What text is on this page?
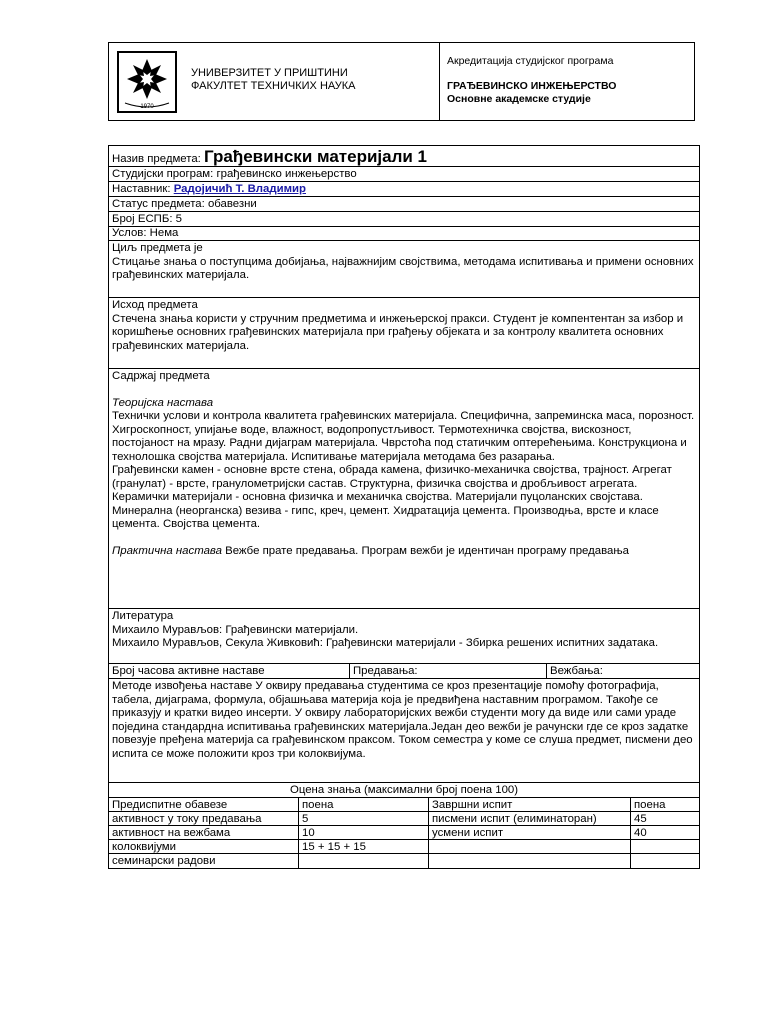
1970
УНИВЕРЗИТЕТ У ПРИШТИНИ
ФАКУЛТЕТ ТЕХНИЧКИХ НАУКА
Акредитација студијског програма
ГРАЂЕВИНСКО ИНЖЕЊЕРСТВО
Основне академске студије
Назив предмета: Грађевински материјали 1
Студијски програм: грађевинско инжењерство
Наставник: Радојичић Т. Владимир
Статус предмета: обавезни
Број ЕСПБ: 5
Услов: Нема

Циљ предмета је

Стицање знања о поступцима добијања, најважнијим својствима, методама испитивања и примени основних грађевинских материјала.

Исход предмета

Стечена знања користи у стручним предметима и инжењерској пракси. Студент је компентентан за избор и коришћење основних грађевинских материјала при грађењу објеката и за контролу квалитета основних грађевинских материјала.

Садржај предмета

Теоријска настава

Технички услови и контрола квалитета грађевинских материјала. Специфична, запреминска маса, порозност. Хигроскопност, упијање воде, влажност, водопропустљивост. Термотехничка својства, вискозност, постојаност на мразу. Радни дијаграм материјала. Чврстоћа под статичким оптерећењима. Конструкциона и технолошка својства материјала. Испитивање материјала методама без разарања.

Грађевински камен - основне врсте стена, обрада камена, физичко-механичка својства, трајност. Агрегат (гранулат) - врсте, гранулометријски састав. Структурна, физичка својства и дробљивост агрегата. Керамички материјали - основна физичка и механичка својства. Материјали пуцоланских својстава. Минерална (неорганска) везива - гипс, креч, цемент. Хидратација цемента. Производња, врсте и класе цемента. Својства цемента.

Практична настава Вежбе прате предавања. Програм вежби је идентичан програму предавања

Литература

Михаило Мурављов: Грађевински материјали.

Михаило Мурављов, Секула Живковић: Грађевински материјали - Збирка решених испитних задатака.

Број часова активне наставе	Предавања:	Вежбања:

Методе извођења наставе У оквиру предавања студентима се кроз презентације помоћу фотографија, табела, дијаграма, формула, објашњава материја која је предвиђена наставним програмом. Такође се приказују и кратки видео инсерти. У оквиру лабораторијских вежби студенти могу да виде или сами ураде поједина стандардна испитивања грађевинских материјала.Један део вежби је рачунски где се кроз задатке повезује пређена материја са грађевинском праксом. Током семестра у коме се слуша предмет, писмени део испита се може положити кроз три колоквијума.

Оцена знања (максимални број поена 100)
Предиспитне обавезе	поена	Завршни испит	поена
активност у току предавања	5	писмени испит (елиминаторан)	45
активност на вежбама	10	усмени испит	40
колоквијуми	15 + 15 + 15
семинарски радови
